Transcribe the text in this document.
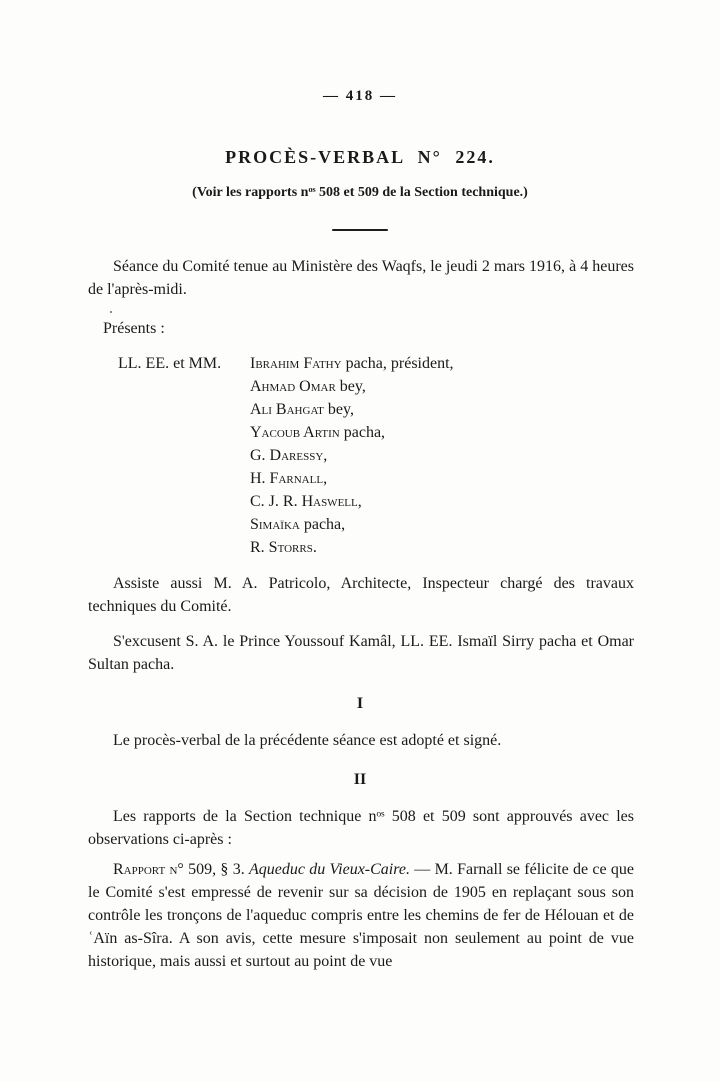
— 418 —
PROCÈS-VERBAL N° 224.
(Voir les rapports nᵒˢ 508 et 509 de la Section technique.)
Séance du Comité tenue au Ministère des Waqfs, le jeudi 2 mars 1916, à 4 heures de l'après-midi.
Présents :
LL. EE. et MM.	Ibrahim Fathy pacha, président,
Ahmad Omar bey,
Ali Bahgat bey,
Yacoub Artin pacha,
G. Daressy,
H. Farnall,
C. J. R. Haswell,
Simaïka pacha,
R. Storrs.
Assiste aussi M. A. Patricolo, Architecte, Inspecteur chargé des travaux techniques du Comité.
S'excusent S. A. le Prince Youssouf Kamâl, LL. EE. Ismaïl Sirry pacha et Omar Sultan pacha.
I
Le procès-verbal de la précédente séance est adopté et signé.
II
Les rapports de la Section technique nᵒˢ 508 et 509 sont approuvés avec les observations ci-après :
Rapport n° 509, § 3. Aqueduc du Vieux-Caire. — M. Farnall se félicite de ce que le Comité s'est empressé de revenir sur sa décision de 1905 en replaçant sous son contrôle les tronçons de l'aqueduc compris entre les chemins de fer de Hélouan et de ʿAïn as-Sîra. A son avis, cette mesure s'imposait non seulement au point de vue historique, mais aussi et surtout au point de vue
